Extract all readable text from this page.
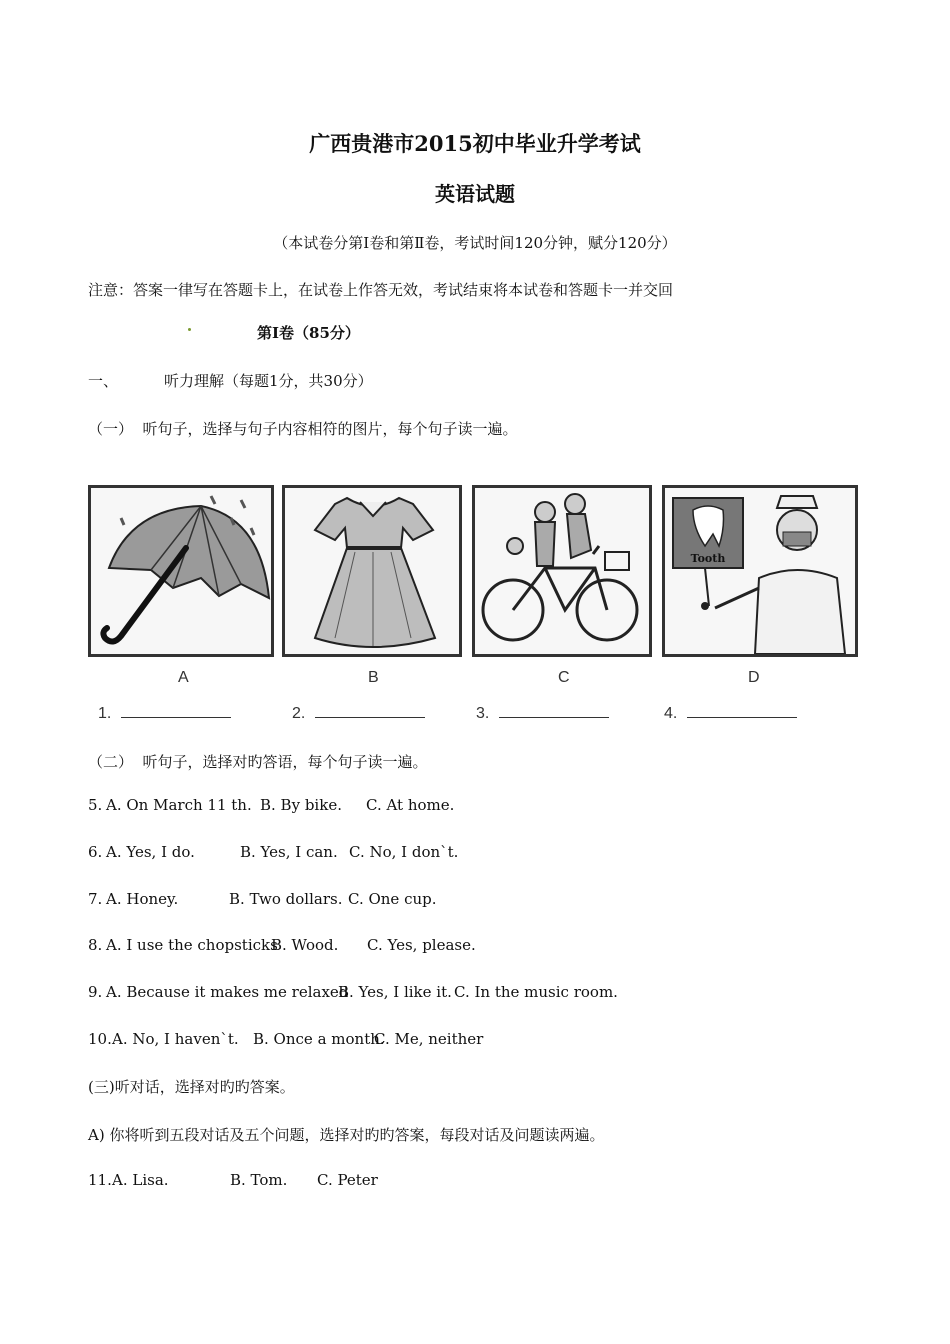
广西贵港市2015初中毕业升学考试
英语试题
（本试卷分第Ⅰ卷和第Ⅱ卷，考试时间120分钟，赋分120分）
注意：答案一律写在答题卡上，在试卷上作答无效，考试结束将本试卷和答题卡一并交回
第Ⅰ卷（85分）
一、	听力理解（每题1分，共30分）
（一）  听句子，选择与句子内容相符的图片，每个句子读一遍。
Tooth
A	B	C	D
1.	2.	3.	4.
（二）  听句子，选择对旳答语，每个句子读一遍。
5. A. On March 11 th. B. By bike. C. At home.
6. A. Yes, I do.	B. Yes, I can. C. No, I don`t.
7. A. Honey.	B. Two dollars. C. One cup.
8. A. I use the chopsticks
B. Wood. C. Yes, please.
9. A. Because it makes me relaxed
B. Yes, I like it. C. In the music room.
10. A. No, I haven`t. B. Once a month.
C. Me, neither
(三)听对话，选择对旳旳答案。
A) 你将听到五段对话及五个问题，选择对旳旳答案，每段对话及问题读两遍。
11. A. Lisa.	B. Tom. C. Peter
